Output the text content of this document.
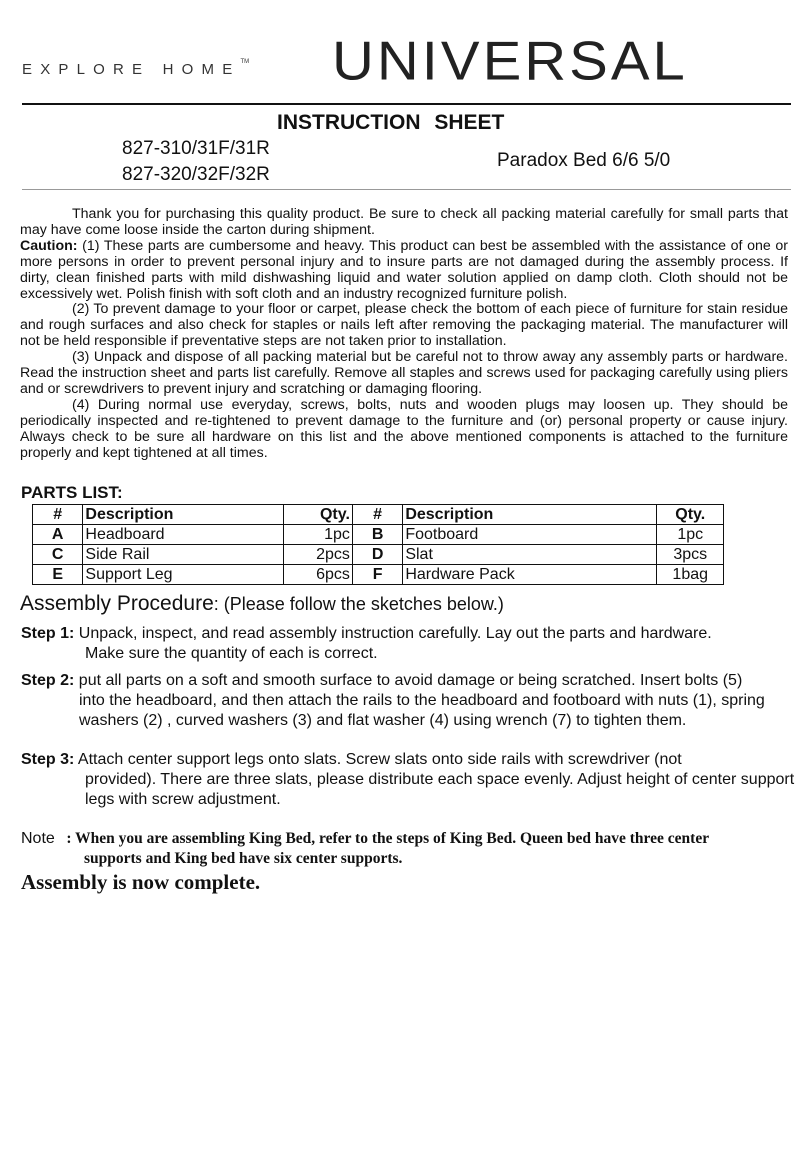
EXPLORE HOME™ UNIVERSAL
INSTRUCTION SHEET
827-310/31F/31R
827-320/32F/32R
Paradox Bed 6/6 5/0

Thank you for purchasing this quality product. Be sure to check all packing material carefully for small parts that may have come loose inside the carton during shipment.

Caution: (1) These parts are cumbersome and heavy. This product can best be assembled with the assistance of one or more persons in order to prevent personal injury and to insure parts are not damaged during the assembly process. If dirty, clean finished parts with mild dishwashing liquid and water solution applied on damp cloth. Cloth should not be excessively wet. Polish finish with soft cloth and an industry recognized furniture polish.

(2) To prevent damage to your floor or carpet, please check the bottom of each piece of furniture for stain residue and rough surfaces and also check for staples or nails left after removing the packaging material. The manufacturer will not be held responsible if preventative steps are not taken prior to installation.

(3) Unpack and dispose of all packing material but be careful not to throw away any assembly parts or hardware. Read the instruction sheet and parts list carefully. Remove all staples and screws used for packaging carefully using pliers and or screwdrivers to prevent injury and scratching or damaging flooring.

(4) During normal use everyday, screws, bolts, nuts and wooden plugs may loosen up. They should be periodically inspected and re-tightened to prevent damage to the furniture and (or) personal property or cause injury. Always check to be sure all hardware on this list and the above mentioned components is attached to the furniture properly and kept tightened at all times.

PARTS LIST:
#	Description	Qty.	#	Description	Qty.
A	Headboard	1pc	B	Footboard	1pc
C	Side Rail	2pcs	D	Slat	3pcs
E	Support Leg	6pcs	F	Hardware Pack	1bag
Assembly Procedure: (Please follow the sketches below.)
Step 1: Unpack, inspect, and read assembly instruction carefully. Lay out the parts and hardware.
Make sure the quantity of each is correct.
Step 2: put all parts on a soft and smooth surface to avoid damage or being scratched. Insert bolts (5)
into the headboard, and then attach the rails to the headboard and footboard with nuts (1), spring washers (2) , curved washers (3) and flat washer (4) using wrench (7) to tighten them.
Step 3: Attach center support legs onto slats. Screw slats onto side rails with screwdriver (not
provided). There are three slats, please distribute each space evenly. Adjust height of center support legs with screw adjustment.
Note   : When you are assembling King Bed, refer to the steps of King Bed. Queen bed have three center
supports and King bed have six center supports.
Assembly is now complete.
